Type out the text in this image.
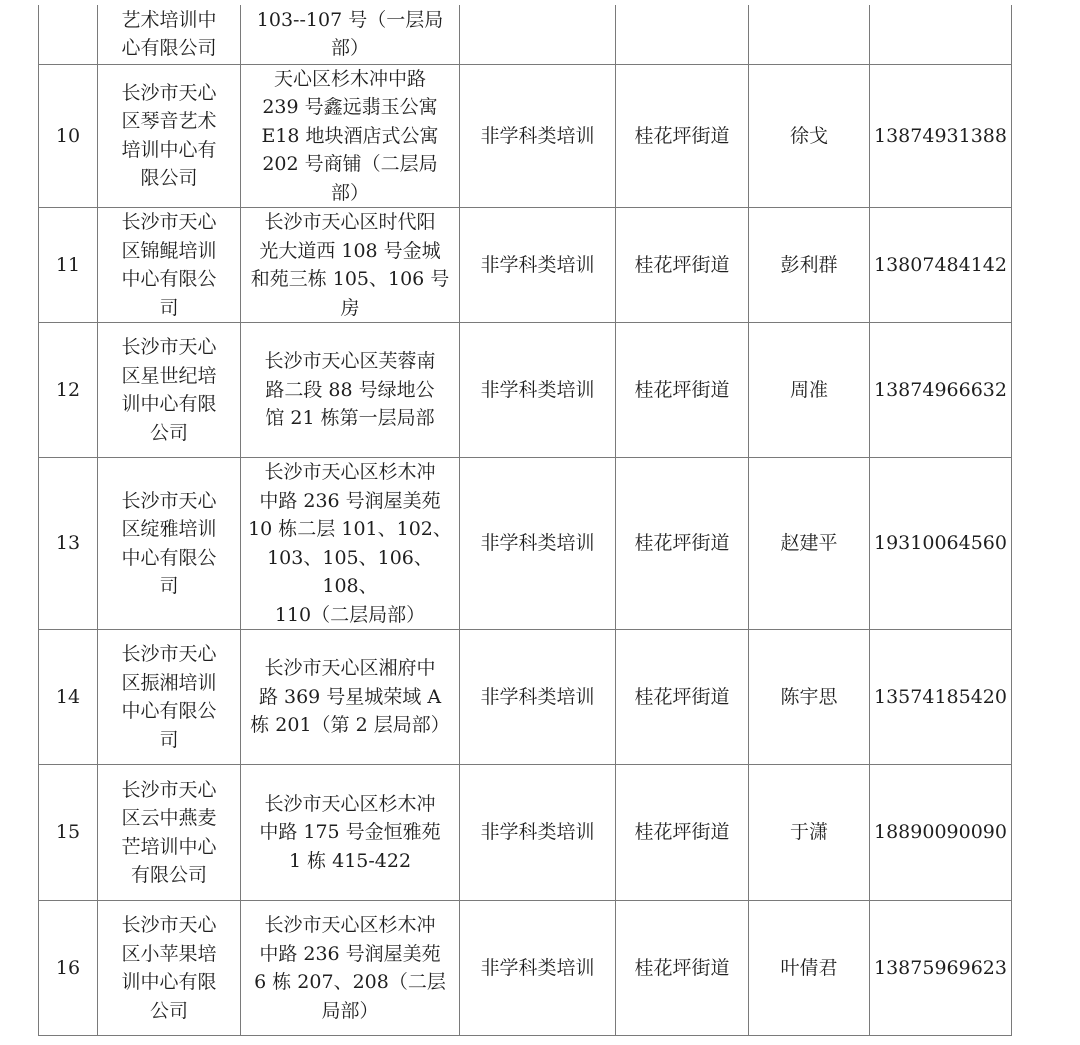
	艺术培训中
心有限公司	103--107 号（一层局
部）				
10	长沙市天心
区琴音艺术
培训中心有
限公司	天心区杉木冲中路
239 号鑫远翡玉公寓
E18 地块酒店式公寓
202 号商铺（二层局
部）	非学科类培训	桂花坪街道	徐戈	13874931388
11	长沙市天心
区锦鲲培训
中心有限公
司	长沙市天心区时代阳
光大道西 108 号金城
和苑三栋 105、106 号
房	非学科类培训	桂花坪街道	彭利群	13807484142
12	长沙市天心
区星世纪培
训中心有限
公司	长沙市天心区芙蓉南
路二段 88 号绿地公
馆 21 栋第一层局部	非学科类培训	桂花坪街道	周准	13874966632
13	长沙市天心
区绽雅培训
中心有限公
司	长沙市天心区杉木冲
中路 236 号润屋美苑
10 栋二层 101、102、
103、105、106、108、
110（二层局部）	非学科类培训	桂花坪街道	赵建平	19310064560
14	长沙市天心
区振湘培训
中心有限公
司	长沙市天心区湘府中
路 369 号星城荣域 A
栋 201（第 2 层局部）	非学科类培训	桂花坪街道	陈宇思	13574185420
15	长沙市天心
区云中燕麦
芒培训中心
有限公司	长沙市天心区杉木冲
中路 175 号金恒雅苑
1 栋 415-422	非学科类培训	桂花坪街道	于潇	18890090090
16	长沙市天心
区小苹果培
训中心有限
公司	长沙市天心区杉木冲
中路 236 号润屋美苑
6 栋 207、208（二层
局部）	非学科类培训	桂花坪街道	叶倩君	13875969623
